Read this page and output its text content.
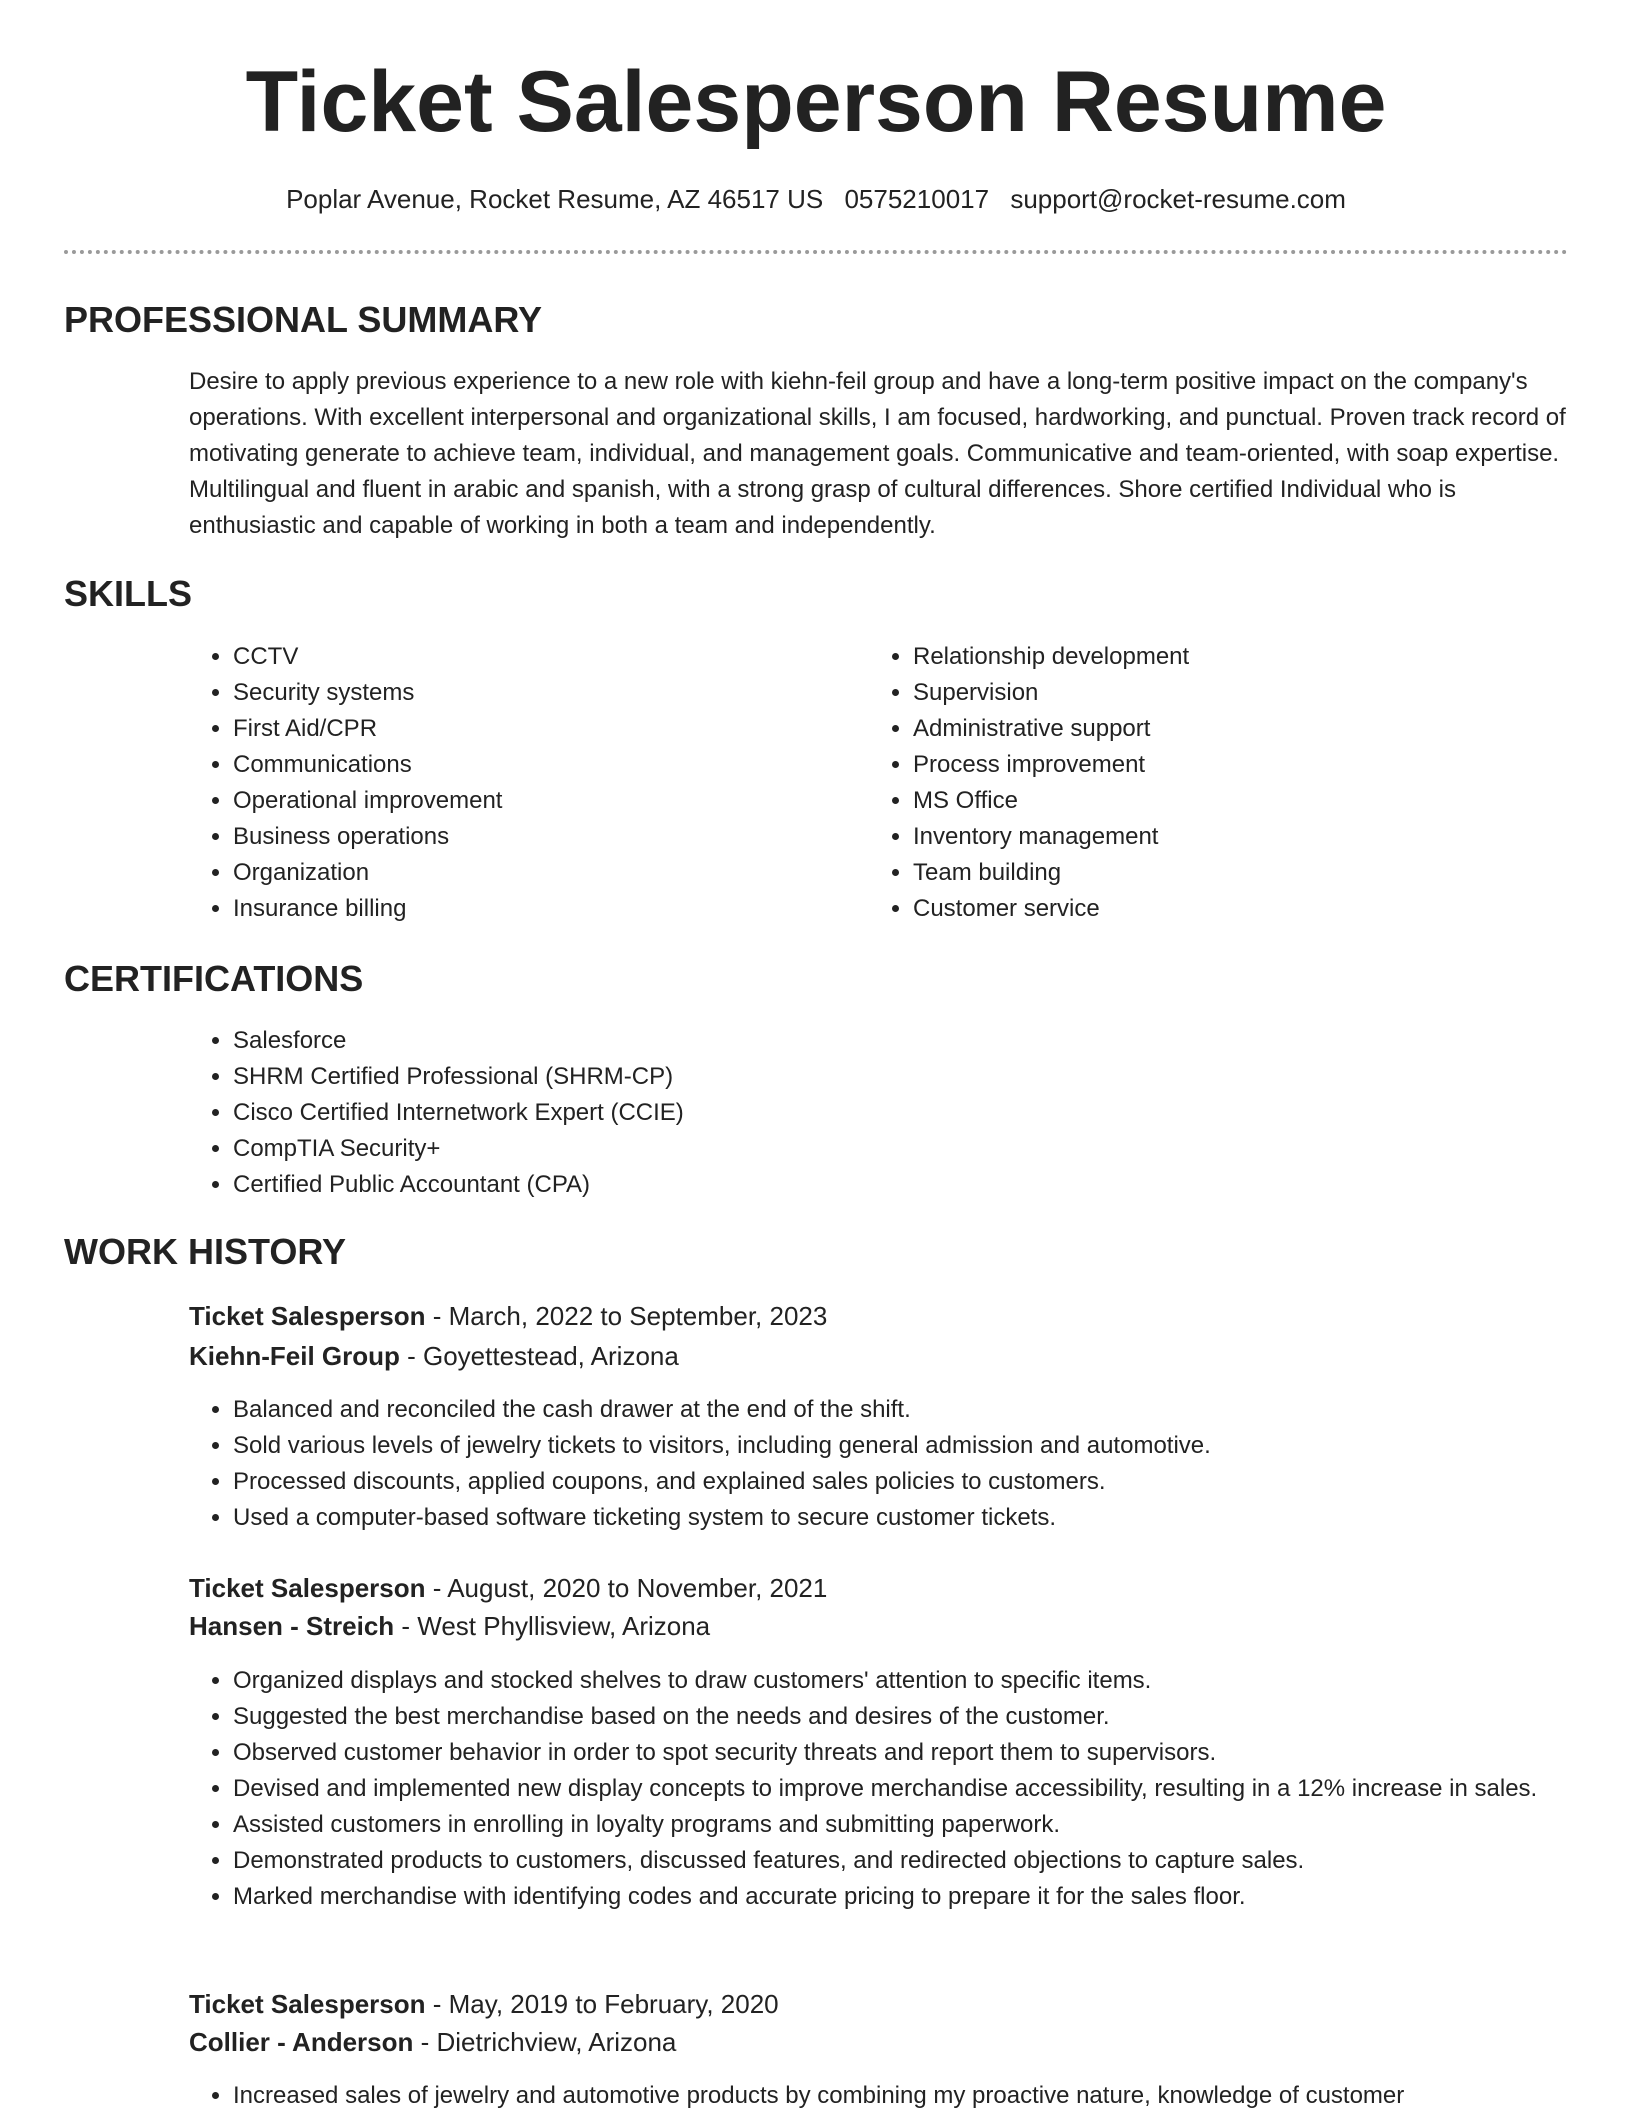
Ticket Salesperson Resume
Poplar Avenue, Rocket Resume, AZ 46517 US 0575210017 support@rocket-resume.com
PROFESSIONAL SUMMARY

Desire to apply previous experience to a new role with kiehn-feil group and have a long-term positive impact on the company's operations. With excellent interpersonal and organizational skills, I am focused, hardworking, and punctual. Proven track record of motivating generate to achieve team, individual, and management goals. Communicative and team-oriented, with soap expertise. Multilingual and fluent in arabic and spanish, with a strong grasp of cultural differences. Shore certified Individual who is enthusiastic and capable of working in both a team and independently.

SKILLS
• CCTV
• Security systems
• First Aid/CPR
• Communications
• Operational improvement
• Business operations
• Organization
• Insurance billing
• Relationship development
• Supervision
• Administrative support
• Process improvement
• MS Office
• Inventory management
• Team building
• Customer service
CERTIFICATIONS
• Salesforce
• SHRM Certified Professional (SHRM-CP)
• Cisco Certified Internetwork Expert (CCIE)
• CompTIA Security+
• Certified Public Accountant (CPA)
WORK HISTORY
Ticket Salesperson - March, 2022 to September, 2023
Kiehn-Feil Group - Goyettestead, Arizona
• Balanced and reconciled the cash drawer at the end of the shift.
• Sold various levels of jewelry tickets to visitors, including general admission and automotive.
• Processed discounts, applied coupons, and explained sales policies to customers.
• Used a computer-based software ticketing system to secure customer tickets.
Ticket Salesperson - August, 2020 to November, 2021
Hansen - Streich - West Phyllisview, Arizona
• Organized displays and stocked shelves to draw customers' attention to specific items.
• Suggested the best merchandise based on the needs and desires of the customer.
• Observed customer behavior in order to spot security threats and report them to supervisors.
• Devised and implemented new display concepts to improve merchandise accessibility, resulting in a 12% increase in sales.
• Assisted customers in enrolling in loyalty programs and submitting paperwork.
• Demonstrated products to customers, discussed features, and redirected objections to capture sales.
• Marked merchandise with identifying codes and accurate pricing to prepare it for the sales floor.
Ticket Salesperson - May, 2019 to February, 2020
Collier - Anderson - Dietrichview, Arizona
• Increased sales of jewelry and automotive products by combining my proactive nature, knowledge of customer
